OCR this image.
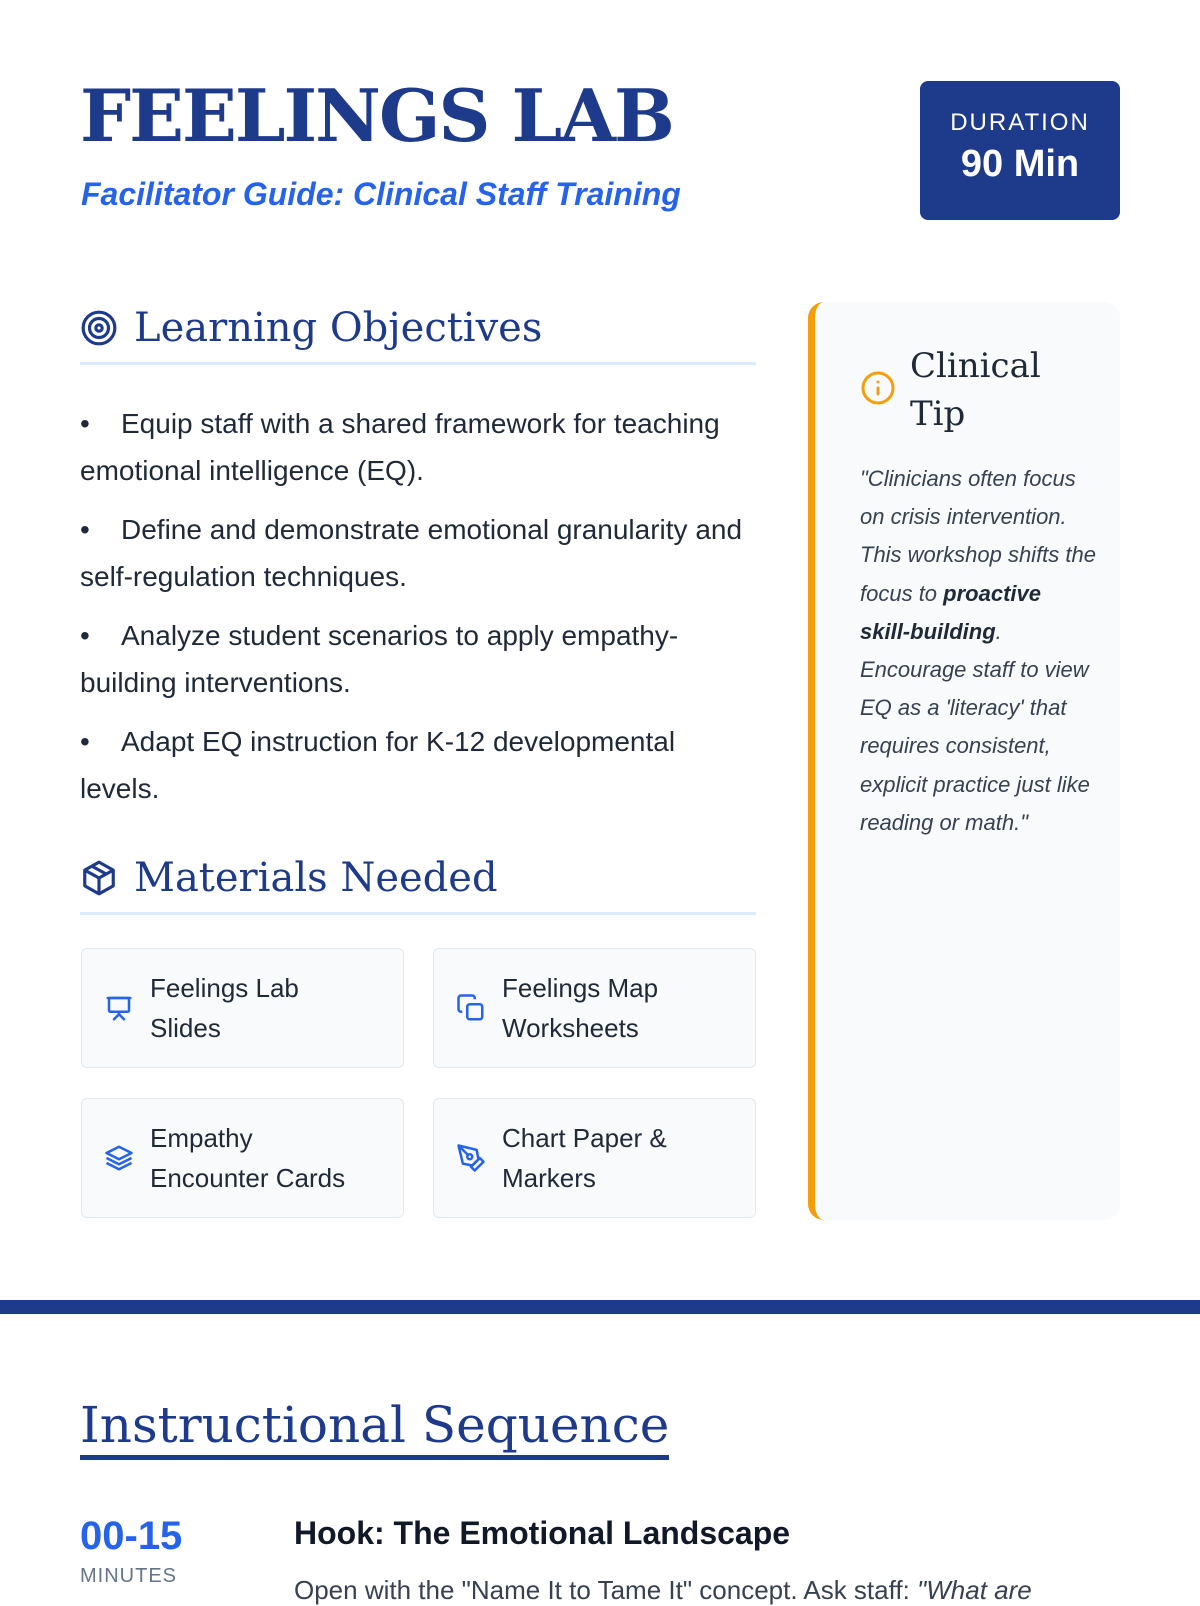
FEELINGS LAB
Facilitator Guide: Clinical Staff Training
DURATION
90 Min
Learning Objectives
• Equip staff with a shared framework for teaching emotional intelligence (EQ).
• Define and demonstrate emotional granularity and self-regulation techniques.
• Analyze student scenarios to apply empathy-building interventions.
• Adapt EQ instruction for K-12 developmental levels.
Materials Needed
Feelings Lab Slides
Feelings Map Worksheets
Empathy Encounter Cards
Chart Paper & Markers
Clinical Tip
"Clinicians often focus on crisis intervention. This workshop shifts the focus to proactive skill-building. Encourage staff to view EQ as a 'literacy' that requires consistent, explicit practice just like reading or math."
Instructional Sequence
00-15
MINUTES
Hook: The Emotional Landscape
Open with the "Name It to Tame It" concept. Ask staff: "What are
